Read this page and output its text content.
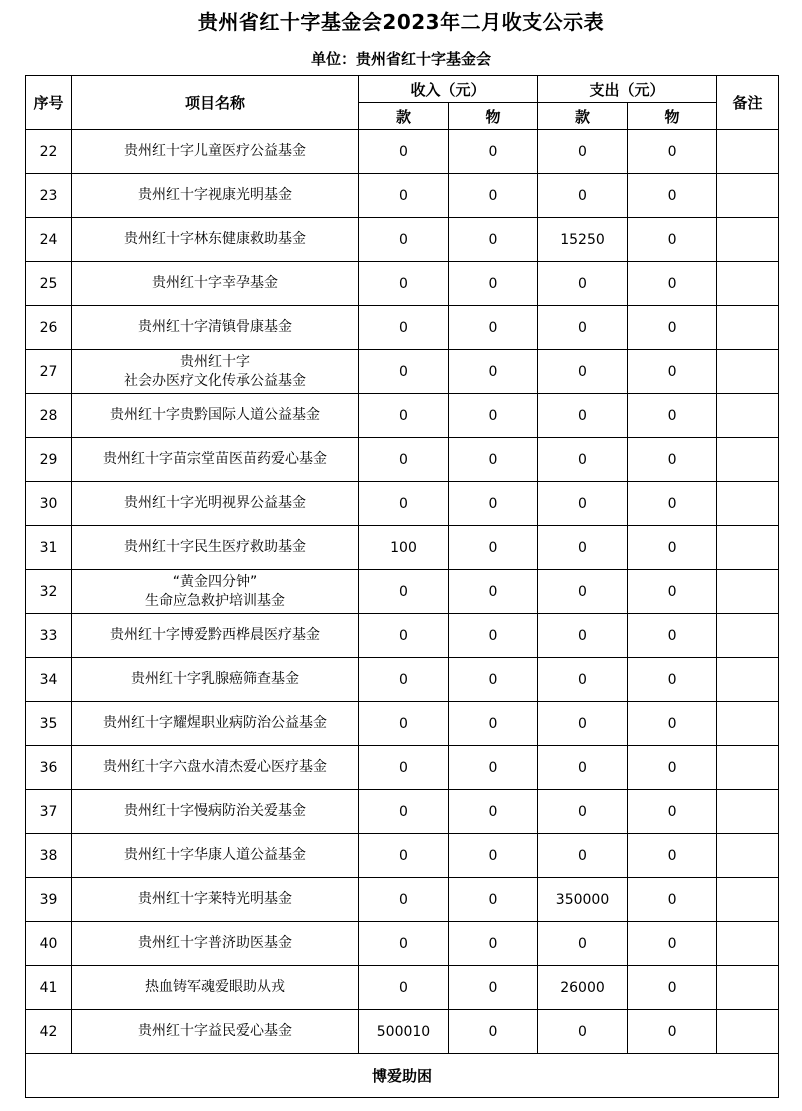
贵州省红十字基金会2023年二月收支公示表
单位：贵州省红十字基金会
序号	项目名称	收入（元）		支出（元）		备注
		款	物	款	物	
22	贵州红十字儿童医疗公益基金	0	0	0	0	
23	贵州红十字视康光明基金	0	0	0	0	
24	贵州红十字林东健康救助基金	0	0	15250	0	
25	贵州红十字幸孕基金	0	0	0	0	
26	贵州红十字清镇骨康基金	0	0	0	0	
27	贵州红十字
社会办医疗文化传承公益基金	0	0	0	0	
28	贵州红十字贵黔国际人道公益基金	0	0	0	0	
29	贵州红十字苗宗堂苗医苗药爱心基金	0	0	0	0	
30	贵州红十字光明视界公益基金	0	0	0	0	
31	贵州红十字民生医疗救助基金	100	0	0	0	
32	“黄金四分钟”
生命应急救护培训基金	0	0	0	0	
33	贵州红十字博爱黔西桦晨医疗基金	0	0	0	0	
34	贵州红十字乳腺癌筛查基金	0	0	0	0	
35	贵州红十字耀煋职业病防治公益基金	0	0	0	0	
36	贵州红十字六盘水清杰爱心医疗基金	0	0	0	0	
37	贵州红十字慢病防治关爱基金	0	0	0	0	
38	贵州红十字华康人道公益基金	0	0	0	0	
39	贵州红十字莱特光明基金	0	0	350000	0	
40	贵州红十字普济助医基金	0	0	0	0	
41	热血铸军魂爱眼助从戎	0	0	26000	0	
42	贵州红十字益民爱心基金	500010	0	0	0	
博爱助困						
